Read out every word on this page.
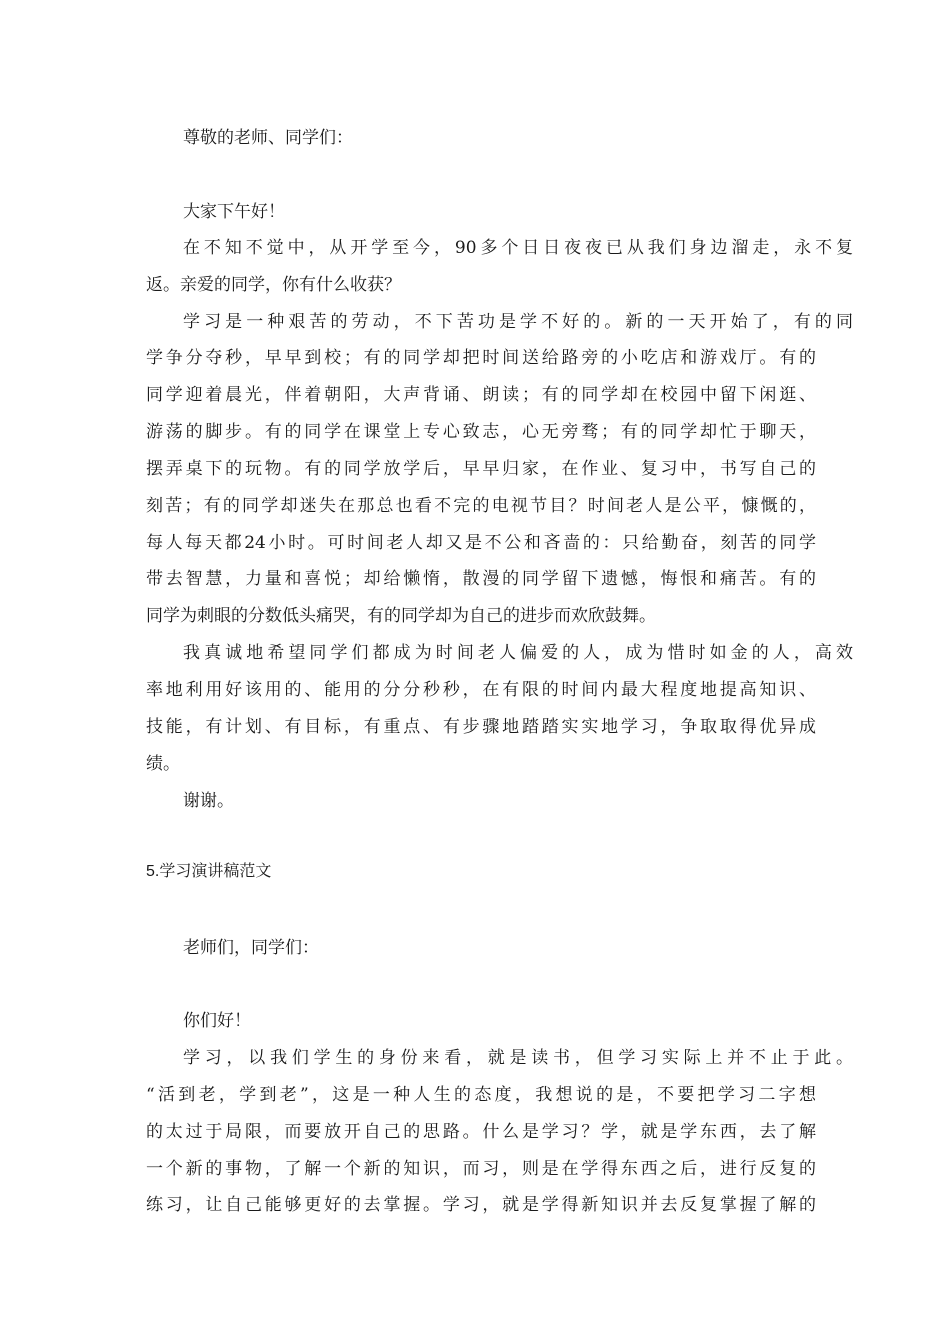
尊敬的老师、同学们：
大家下午好！
在不知不觉中，从开学至今，90多个日日夜夜已从我们身边溜走，永不复
返。亲爱的同学，你有什么收获？
学习是一种艰苦的劳动，不下苦功是学不好的。新的一天开始了，有的同
学争分夺秒，早早到校；有的同学却把时间送给路旁的小吃店和游戏厅。有的
同学迎着晨光，伴着朝阳，大声背诵、朗读；有的同学却在校园中留下闲逛、
游荡的脚步。有的同学在课堂上专心致志，心无旁骛；有的同学却忙于聊天，
摆弄桌下的玩物。有的同学放学后，早早归家，在作业、复习中，书写自己的
刻苦；有的同学却迷失在那总也看不完的电视节目？时间老人是公平，慷慨的，
每人每天都24小时。可时间老人却又是不公和吝啬的：只给勤奋，刻苦的同学
带去智慧，力量和喜悦；却给懒惰，散漫的同学留下遗憾，悔恨和痛苦。有的
同学为刺眼的分数低头痛哭，有的同学却为自己的进步而欢欣鼓舞。
我真诚地希望同学们都成为时间老人偏爱的人，成为惜时如金的人，高效
率地利用好该用的、能用的分分秒秒，在有限的时间内最大程度地提高知识、
技能，有计划、有目标，有重点、有步骤地踏踏实实地学习，争取取得优异成
绩。
谢谢。
5.学习演讲稿范文
老师们，同学们：
你们好！
学习，以我们学生的身份来看，就是读书，但学习实际上并不止于此。
“活到老，学到老”，这是一种人生的态度，我想说的是，不要把学习二字想
的太过于局限，而要放开自己的思路。什么是学习？学，就是学东西，去了解
一个新的事物，了解一个新的知识，而习，则是在学得东西之后，进行反复的
练习，让自己能够更好的去掌握。学习，就是学得新知识并去反复掌握了解的
